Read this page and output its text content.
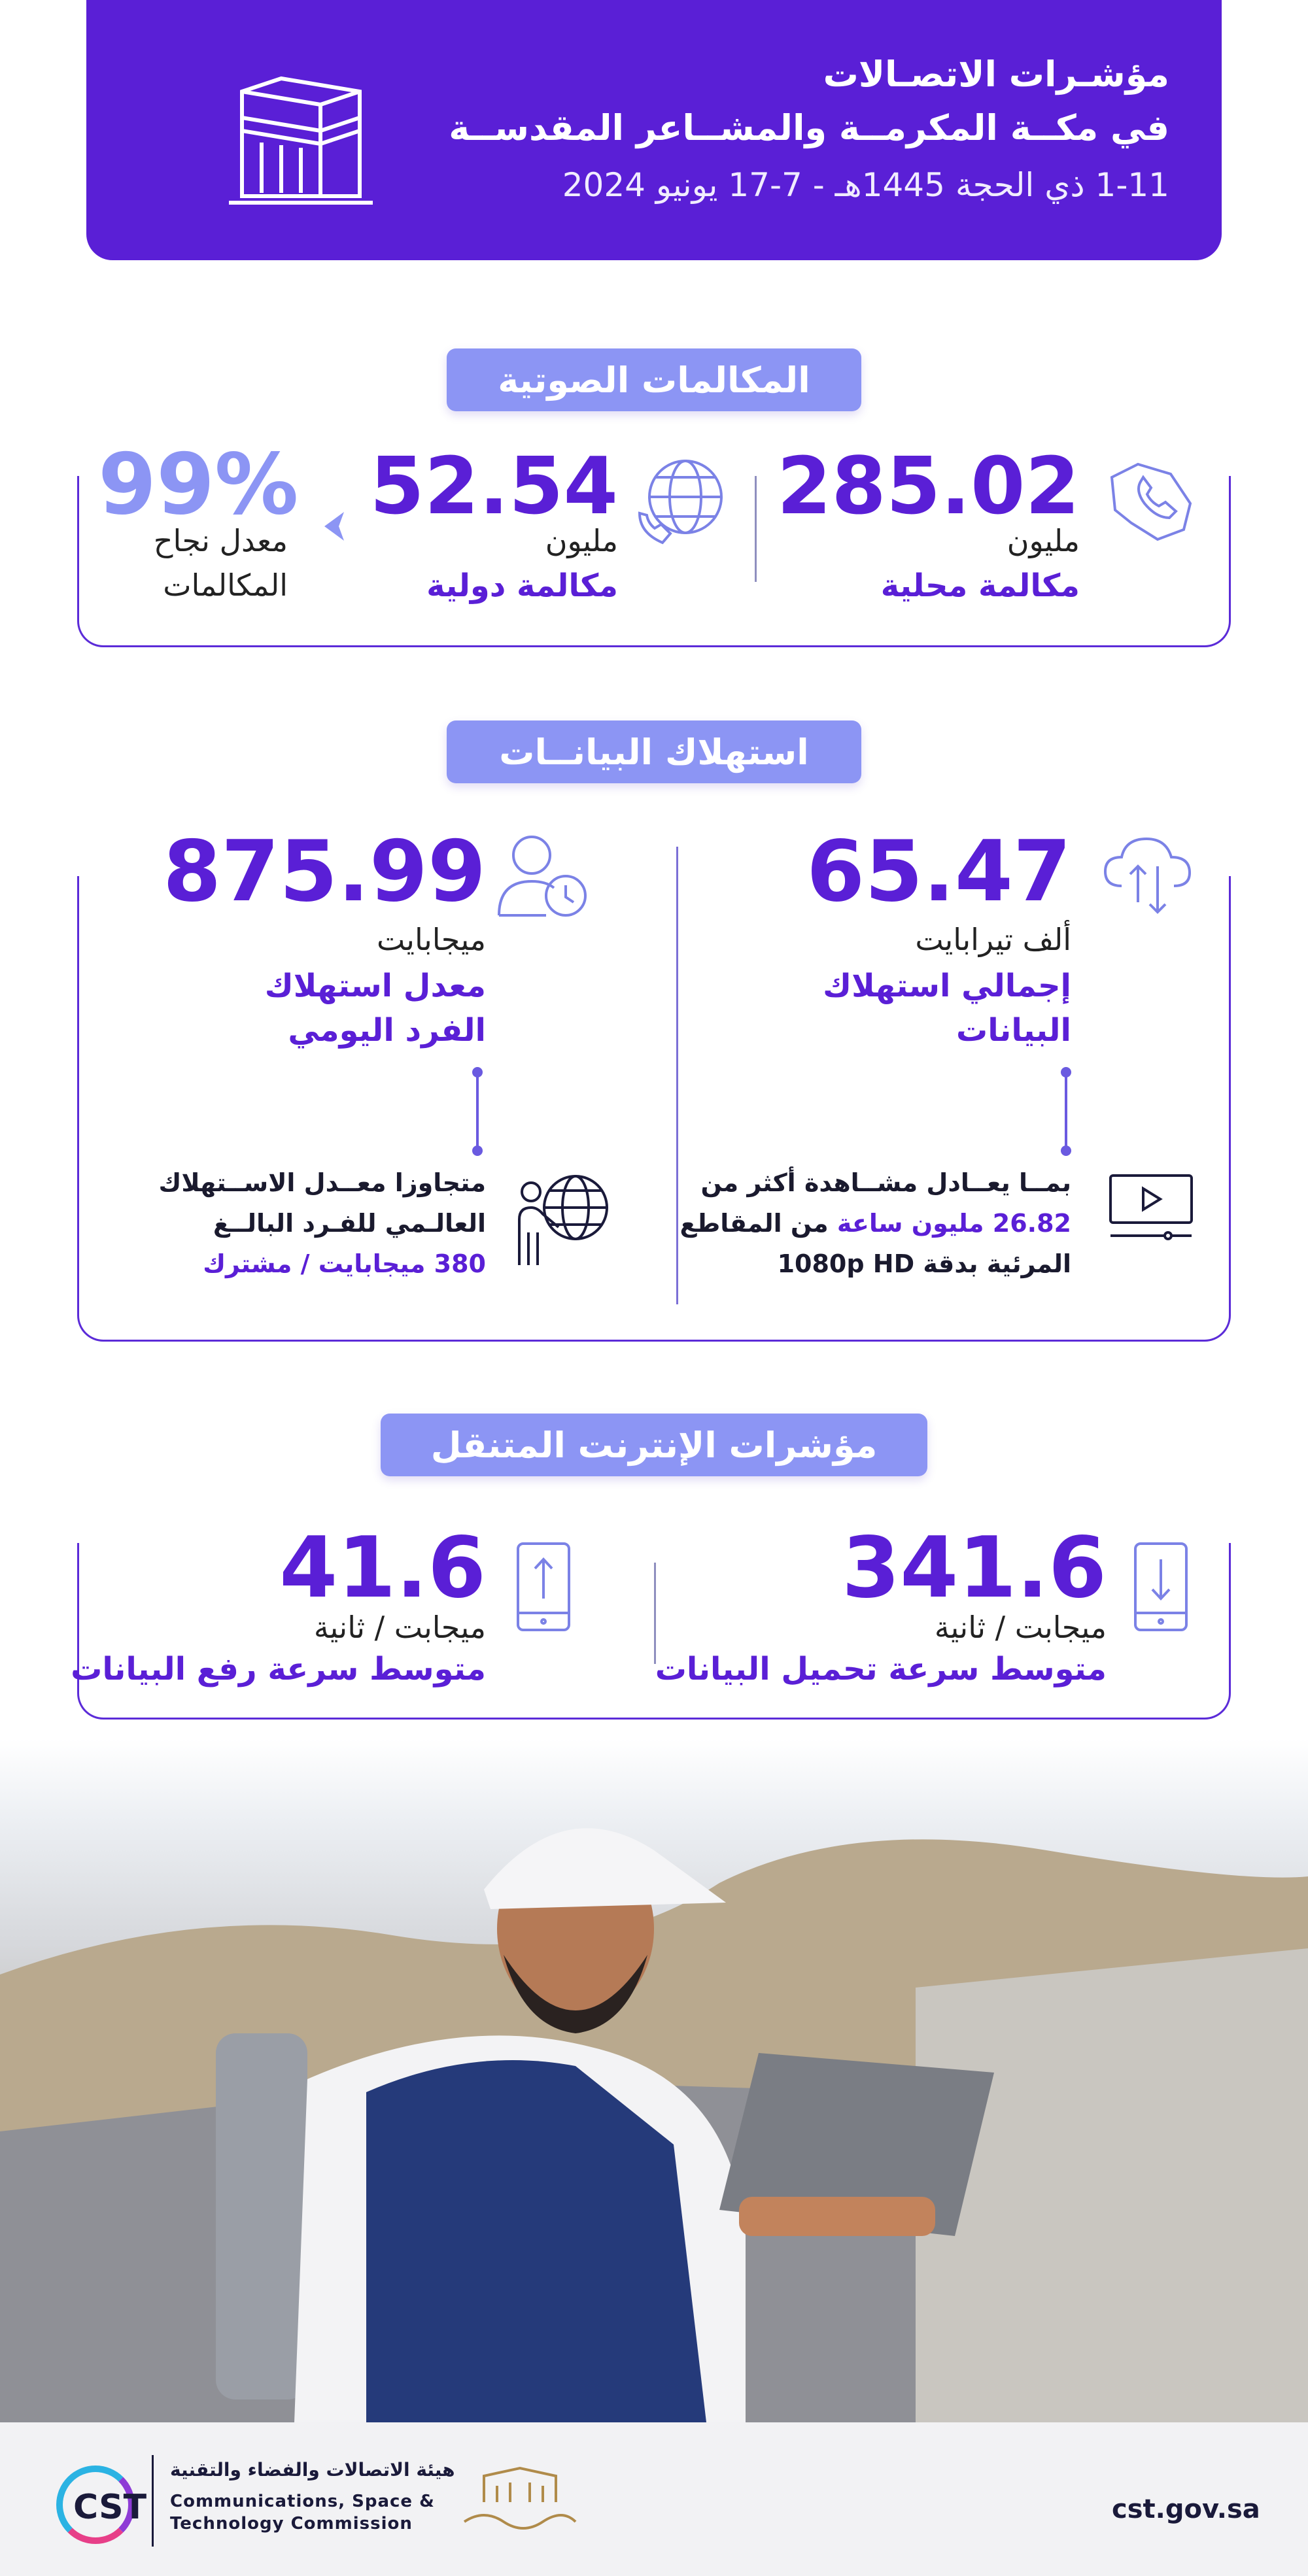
مؤشـرات الاتصـالات
في مكــة المكرمــة والمشــاعر المقدســة
1-11 ذي الحجة 1445هـ - 7-17 يونيو 2024
المكالمات الصوتية
285.02
مليون
مكالمة محلية
52.54
مليون
مكالمة دولية
99%
معدل نجاح
المكالمات
استهلاك البيانــات
65.47
ألف تيرابايت
إجمالي استهلاك
البيانات
875.99
ميجابايت
معدل استهلاك
الفرد اليومي
بمــا يعــادل مشــاهدة أكثر من
26.82 مليون ساعة من المقاطع
المرئية بدقة 1080p HD
متجاوزا معــدل الاســتهلاك
العالـمي للفـرد البالــغ
380 ميجابايت / مشترك
مؤشرات الإنترنت المتنقل
341.6
ميجابت / ثانية
متوسط سرعة تحميل البيانات
41.6
ميجابت / ثانية
متوسط سرعة رفع البيانات
CST
هيئة الاتصالات والفضاء والتقنية
Communications, Space &
Technology Commission	cst.gov.sa
